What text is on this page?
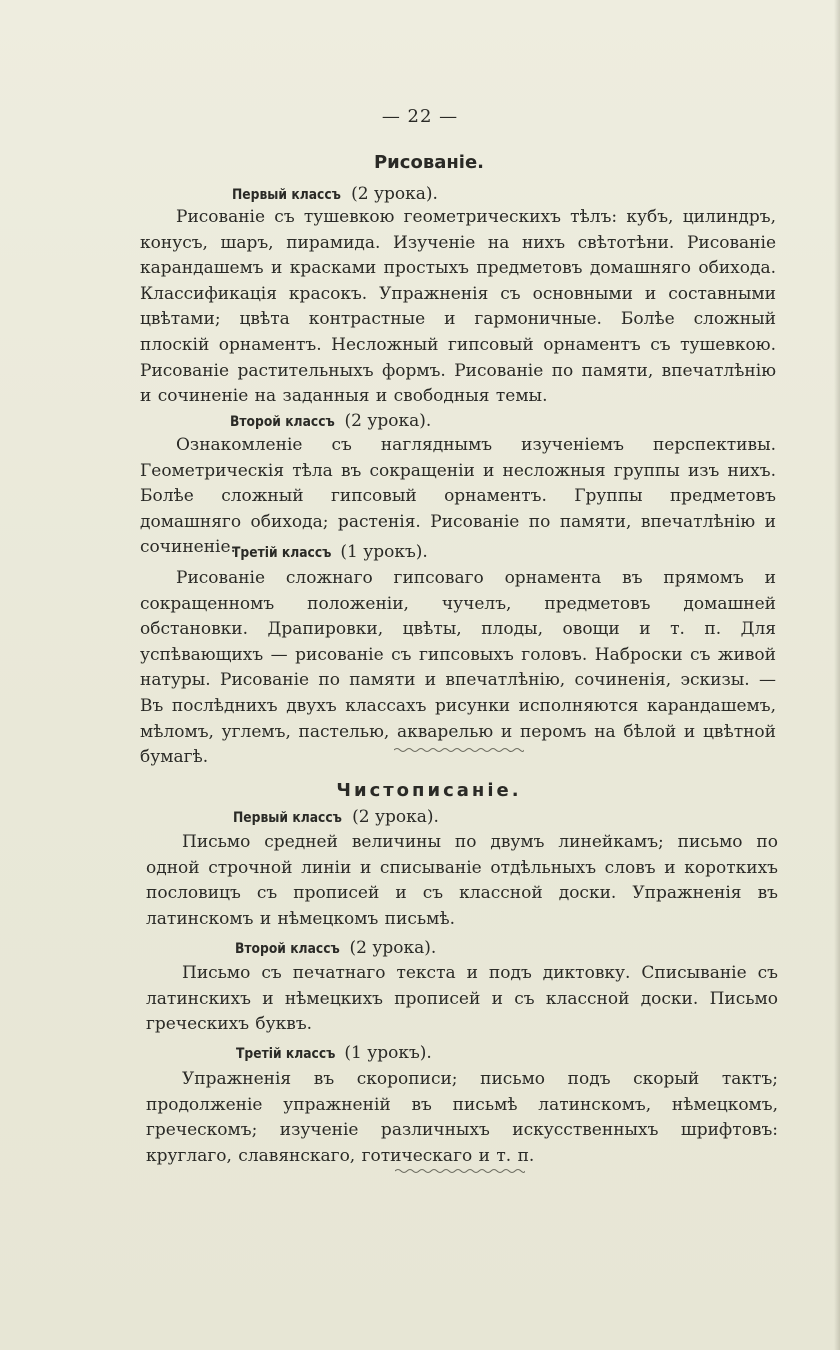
— 22 —
Рисованіе.
Первый классъ (2 урока).
Рисованіе съ тушевкою геометрическихъ тѣлъ: кубъ, цилиндръ, конусъ, шаръ, пирамида. Изученіе на нихъ свѣтотѣни. Рисованіе карандашемъ и красками простыхъ предметовъ домашняго обихода. Классификація красокъ. Упражненія съ основными и составными цвѣтами; цвѣта контрастные и гармоничные. Болѣе сложный плоскій орнаментъ. Несложный гипсовый орнаментъ съ тушевкою. Рисованіе растительныхъ формъ. Рисованіе по памяти, впечатлѣнію и сочиненіе на заданныя и свободныя темы.
Второй классъ (2 урока).
Ознакомленіе съ нагляднымъ изученіемъ перспективы. Геометрическія тѣла въ сокращеніи и несложныя группы изъ нихъ. Болѣе сложный гипсовый орнаментъ. Группы предметовъ домашняго обихода; растенія. Рисованіе по памяти, впечатлѣнію и сочиненіе.
Третій классъ (1 урокъ).
Рисованіе сложнаго гипсоваго орнамента въ прямомъ и сокращенномъ положеніи, чучелъ, предметовъ домашней обстановки. Драпировки, цвѣты, плоды, овощи и т. п. Для успѣвающихъ — рисованіе съ гипсовыхъ головъ. Наброски съ живой натуры. Рисованіе по памяти и впечатлѣнію, сочиненія, эскизы. — Въ послѣднихъ двухъ классахъ рисунки исполняются карандашемъ, мѣломъ, углемъ, пастелью, акварелью и перомъ на бѣлой и цвѣтной бумагѣ.
Чистописаніе.
Первый классъ (2 урока).
Письмо средней величины по двумъ линейкамъ; письмо по одной строчной линіи и списываніе отдѣльныхъ словъ и короткихъ пословицъ съ прописей и съ классной доски. Упражненія въ латинскомъ и нѣмецкомъ письмѣ.
Второй классъ (2 урока).
Письмо съ печатнаго текста и подъ диктовку. Списываніе съ латинскихъ и нѣмецкихъ прописей и съ классной доски. Письмо греческихъ буквъ.
Третій классъ (1 урокъ).
Упражненія въ скорописи; письмо подъ скорый тактъ; продолженіе упражненій въ письмѣ латинскомъ, нѣмецкомъ, греческомъ; изученіе различныхъ искусственныхъ шрифтовъ: круглаго, славянскаго, готическаго и т. п.
